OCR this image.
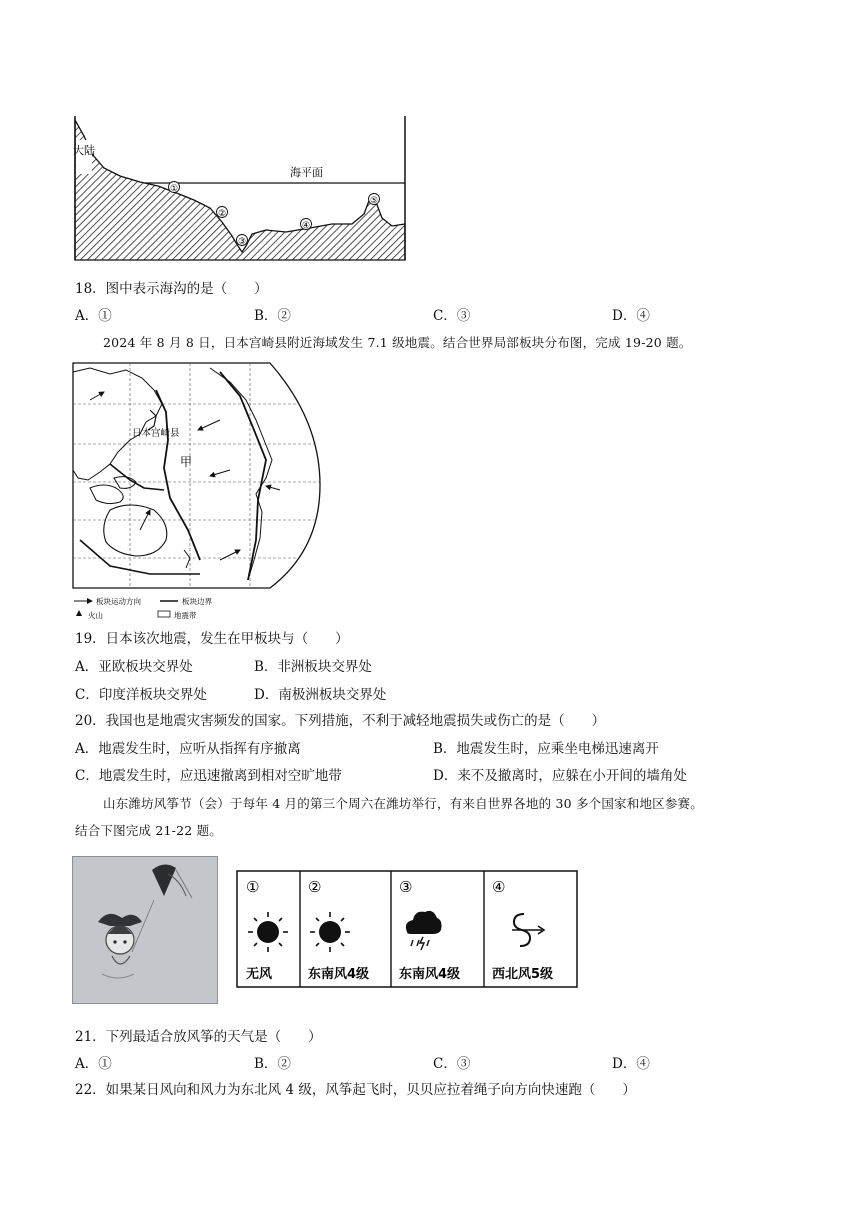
大陆
海平面
①
②
③
④
⑤
18．图中表示海沟的是（　　）
A．①	B．②	C．③	D．④
2024 年 8 月 8 日，日本宫崎县附近海域发生 7.1 级地震。结合世界局部板块分布图，完成 19-20 题。
日本宫崎县
甲
板块运动方向	板块边界
火山	地震带
19．日本该次地震，发生在甲板块与（　　）
A．亚欧板块交界处	B．非洲板块交界处
C．印度洋板块交界处	D．南极洲板块交界处
20．我国也是地震灾害频发的国家。下列措施，不利于减轻地震损失或伤亡的是（　　）
A．地震发生时，应听从指挥有序撤离	B．地震发生时，应乘坐电梯迅速离开
C．地震发生时，应迅速撤离到相对空旷地带	D．来不及撤离时，应躲在小开间的墙角处
山东潍坊风筝节（会）于每年 4 月的第三个周六在潍坊举行，有来自世界各地的 30 多个国家和地区参赛。
结合下图完成 21-22 题。
①
无风
②
东南风4级
③
东南风4级
④
西北风5级
21．下列最适合放风筝的天气是（　　）
A．①	B．②	C．③	D．④
22．如果某日风向和风力为东北风 4 级，风筝起飞时，贝贝应拉着绳子向方向快速跑（　　）
